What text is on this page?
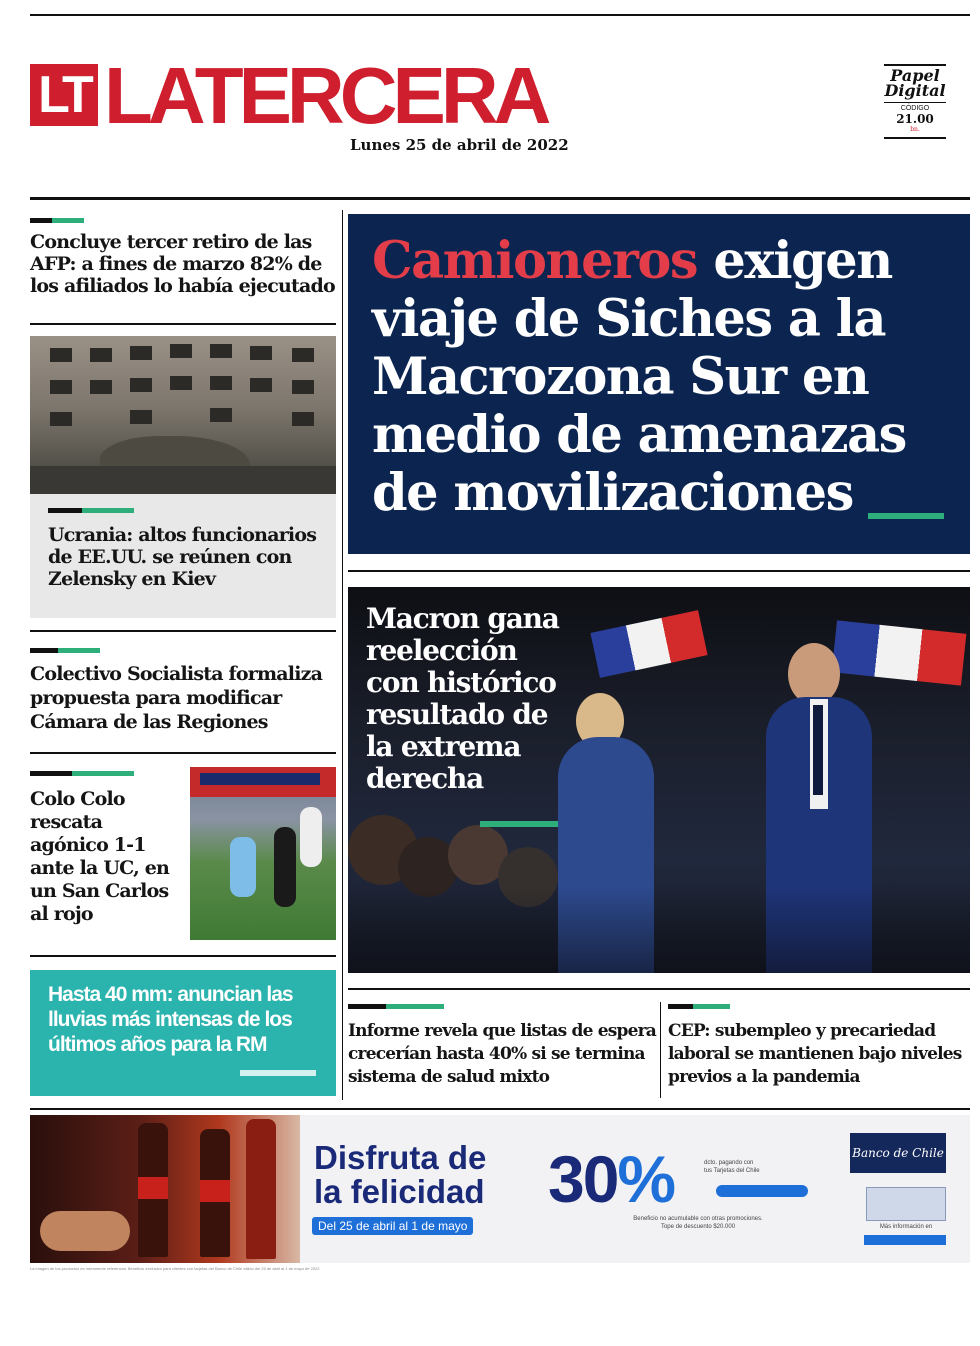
LT LATERCERA
Lunes 25 de abril de 2022
Papel
Digital
CÓDIGO
21.00
bn.
Concluye tercer retiro de las AFP: a fines de marzo 82% de los afiliados lo había ejecutado
Ucrania: altos funcionarios de EE.UU. se reúnen con Zelensky en Kiev
Colectivo Socialista formaliza propuesta para modificar Cámara de las Regiones
Colo Colo rescata agónico 1-1 ante la UC, en un San Carlos al rojo
Hasta 40 mm: anuncian las lluvias más intensas de los últimos años para la RM
Camioneros exigen viaje de Siches a la Macrozona Sur en medio de amenazas de movilizaciones
Macron gana reelección con histórico resultado de la extrema derecha
Informe revela que listas de espera crecerían hasta 40% si se termina sistema de salud mixto
CEP: subempleo y precariedad laboral se mantienen bajo niveles previos a la pandemia
Disfruta de
la felicidad
Del 25 de abril al 1 de mayo
30%	dcto. pagando con
tus Tarjetas del Chile
Beneficio no acumulable con otras promociones.
Tope de descuento $20.000
Banco de Chile
Más información en
La imagen de los productos es meramente referencial. Beneficio exclusivo para clientes con tarjetas del Banco de Chile válido del 25 de abril al 1 de mayo de 2022.
